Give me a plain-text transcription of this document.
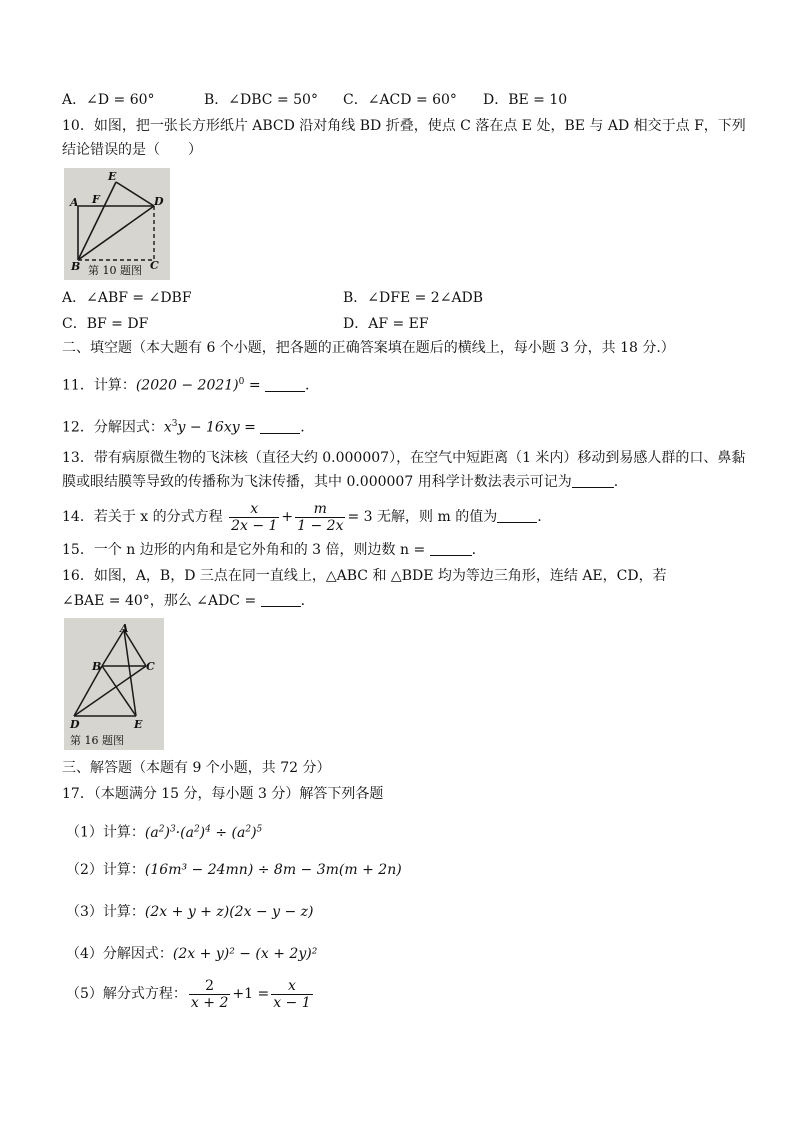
A．∠D = 60°	B．∠DBC = 50° C．∠ACD = 60° D．BE = 10
10．如图，把一张长方形纸片 ABCD 沿对角线 BD 折叠，使点 C 落在点 E 处，BE 与 AD 相交于点 F，下列
结论错误的是（　　）
A F
E
D
B	C
第 10 题图
A．∠ABF = ∠DBF	B．∠DFE = 2∠ADB
C．BF = DF	D．AF = EF
二、填空题（本大题有 6 个小题，把各题的正确答案填在题后的横线上，每小题 3 分，共 18 分.）
11．计算：$(2020 - 2021)^0$ =	.
12．分解因式：$x^3y - 16xy$ =	.
13．带有病原微生物的飞沫核（直径大约 0.000007），在空气中短距离（1 米内）移动到易感人群的口、鼻黏
膜或眼结膜等导致的传播称为飞沫传播，其中 0.000007 用科学计数法表示可记为	.
14．若关于 x 的分式方程 $\frac{x}{2x - 1} + \frac{m}{1 - 2x} = 3$ 无解，则 m 的值为	.
15．一个 n 边形的内角和是它外角和的 3 倍，则边数 n =	.
16．如图，A，B，D 三点在同一直线上，△ABC 和 △BDE 均为等边三角形，连结 AE，CD，若
∠BAE = 40°，那么 ∠ADC =	.
A
B	C
D	E
第 16 题图
三、解答题（本题有 9 个小题，共 72 分）
17．（本题满分 15 分，每小题 3 分）解答下列各题
（1）计算：$(a^2)^3\cdot(a^2)^4 \div (a^2)^5$
（2）计算：(16m³ − 24mn) ÷ 8m − 3m(m + 2n)
（3）计算：(2x + y + z)(2x − y − z)
（4）分解因式：(2x + y)² − (x + 2y)²
（5）解分式方程： $\frac{2}{x + 2} +1 = \frac{x}{x - 1}$
